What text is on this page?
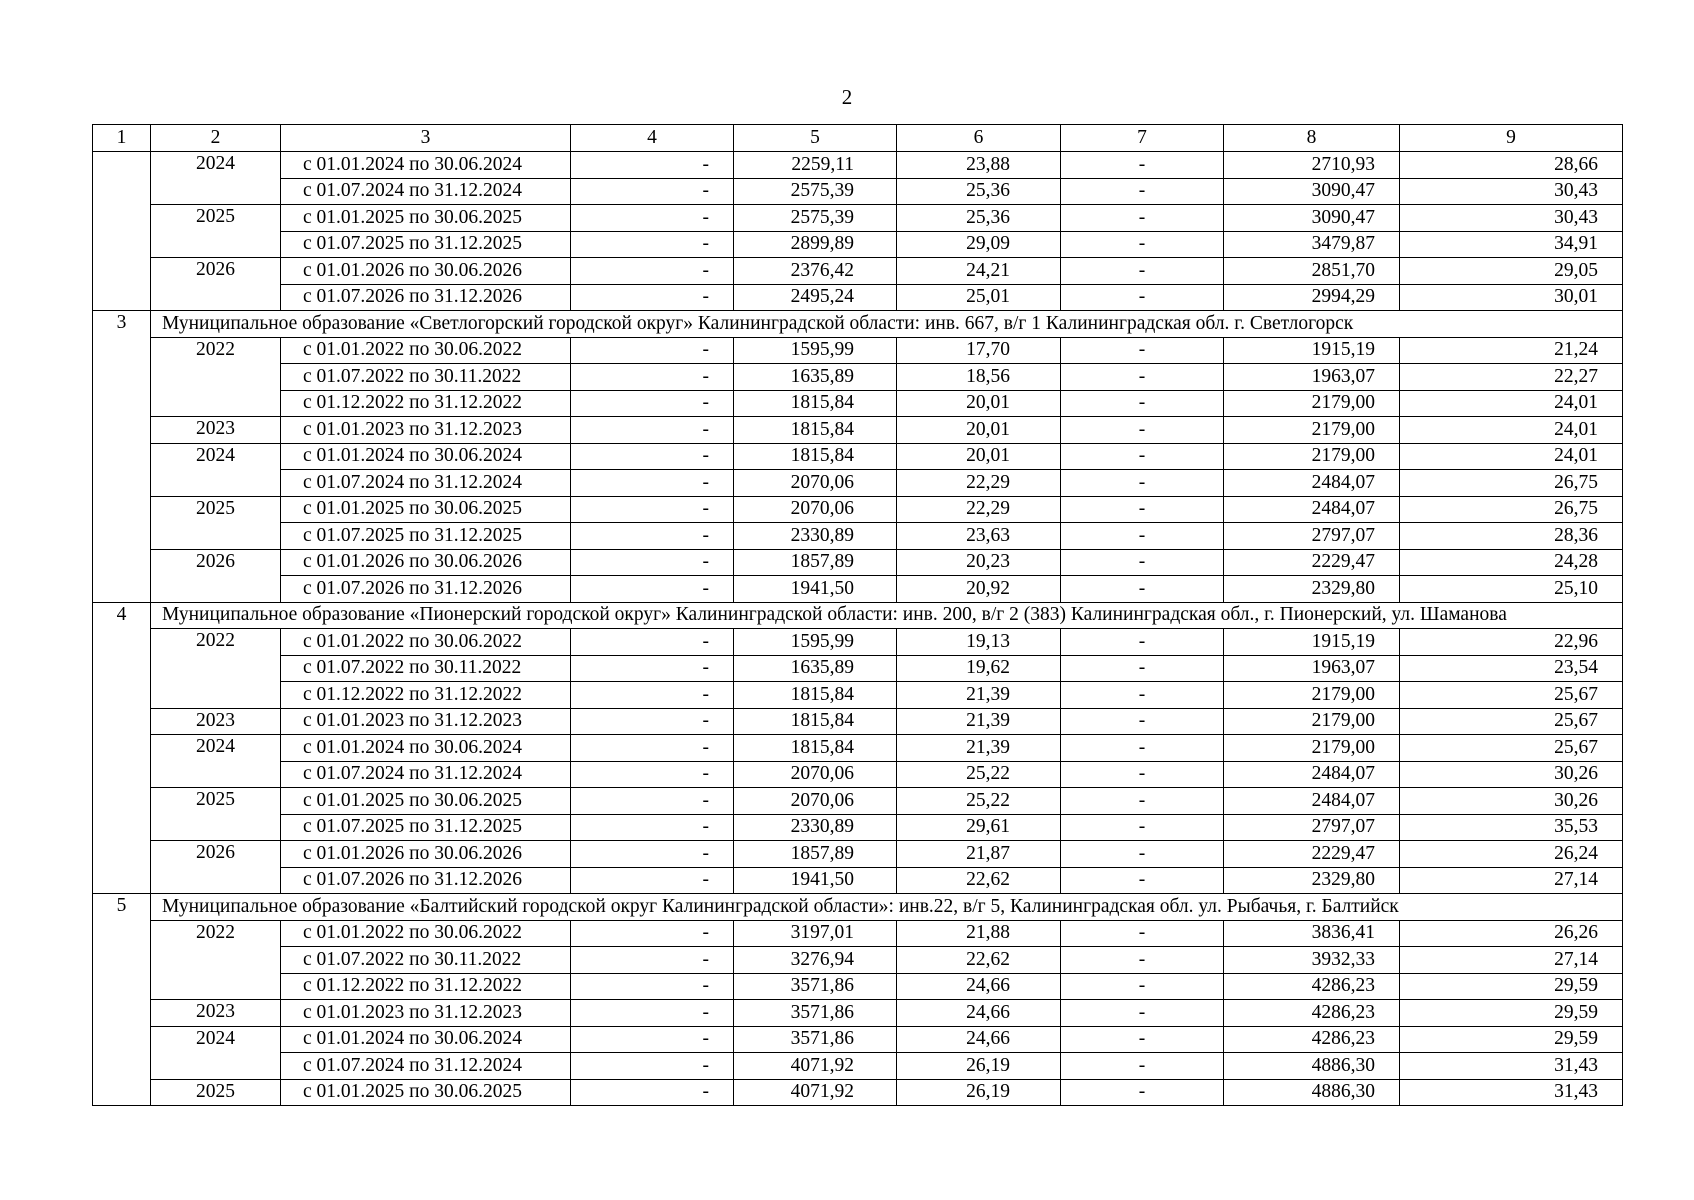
2
1	2	3	4	5	6	7	8	9
	2024	с 01.01.2024 по 30.06.2024	-	2259,11	23,88	-	2710,93	28,66
		с 01.07.2024 по 31.12.2024	-	2575,39	25,36	-	3090,47	30,43
	2025	с 01.01.2025 по 30.06.2025	-	2575,39	25,36	-	3090,47	30,43
		с 01.07.2025 по 31.12.2025	-	2899,89	29,09	-	3479,87	34,91
	2026	с 01.01.2026 по 30.06.2026	-	2376,42	24,21	-	2851,70	29,05
		с 01.07.2026 по 31.12.2026	-	2495,24	25,01	-	2994,29	30,01
3	Муниципальное образование «Светлогорский городской округ» Калининградской области: инв. 667, в/г 1 Калининградская обл. г. Светлогорск							
	2022	с 01.01.2022 по 30.06.2022	-	1595,99	17,70	-	1915,19	21,24
		с 01.07.2022 по 30.11.2022	-	1635,89	18,56	-	1963,07	22,27
		с 01.12.2022 по 31.12.2022	-	1815,84	20,01	-	2179,00	24,01
	2023	с 01.01.2023 по 31.12.2023	-	1815,84	20,01	-	2179,00	24,01
	2024	с 01.01.2024 по 30.06.2024	-	1815,84	20,01	-	2179,00	24,01
		с 01.07.2024 по 31.12.2024	-	2070,06	22,29	-	2484,07	26,75
	2025	с 01.01.2025 по 30.06.2025	-	2070,06	22,29	-	2484,07	26,75
		с 01.07.2025 по 31.12.2025	-	2330,89	23,63	-	2797,07	28,36
	2026	с 01.01.2026 по 30.06.2026	-	1857,89	20,23	-	2229,47	24,28
		с 01.07.2026 по 31.12.2026	-	1941,50	20,92	-	2329,80	25,10
4	Муниципальное образование «Пионерский городской округ» Калининградской области: инв. 200, в/г 2 (383) Калининградская обл., г. Пионерский, ул. Шаманова							
	2022	с 01.01.2022 по 30.06.2022	-	1595,99	19,13	-	1915,19	22,96
		с 01.07.2022 по 30.11.2022	-	1635,89	19,62	-	1963,07	23,54
		с 01.12.2022 по 31.12.2022	-	1815,84	21,39	-	2179,00	25,67
	2023	с 01.01.2023 по 31.12.2023	-	1815,84	21,39	-	2179,00	25,67
	2024	с 01.01.2024 по 30.06.2024	-	1815,84	21,39	-	2179,00	25,67
		с 01.07.2024 по 31.12.2024	-	2070,06	25,22	-	2484,07	30,26
	2025	с 01.01.2025 по 30.06.2025	-	2070,06	25,22	-	2484,07	30,26
		с 01.07.2025 по 31.12.2025	-	2330,89	29,61	-	2797,07	35,53
	2026	с 01.01.2026 по 30.06.2026	-	1857,89	21,87	-	2229,47	26,24
		с 01.07.2026 по 31.12.2026	-	1941,50	22,62	-	2329,80	27,14
5	Муниципальное образование «Балтийский городской округ Калининградской области»: инв.22, в/г 5, Калининградская обл. ул. Рыбачья, г. Балтийск							
	2022	с 01.01.2022 по 30.06.2022	-	3197,01	21,88	-	3836,41	26,26
		с 01.07.2022 по 30.11.2022	-	3276,94	22,62	-	3932,33	27,14
		с 01.12.2022 по 31.12.2022	-	3571,86	24,66	-	4286,23	29,59
	2023	с 01.01.2023 по 31.12.2023	-	3571,86	24,66	-	4286,23	29,59
	2024	с 01.01.2024 по 30.06.2024	-	3571,86	24,66	-	4286,23	29,59
		с 01.07.2024 по 31.12.2024	-	4071,92	26,19	-	4886,30	31,43
	2025	с 01.01.2025 по 30.06.2025	-	4071,92	26,19	-	4886,30	31,43
